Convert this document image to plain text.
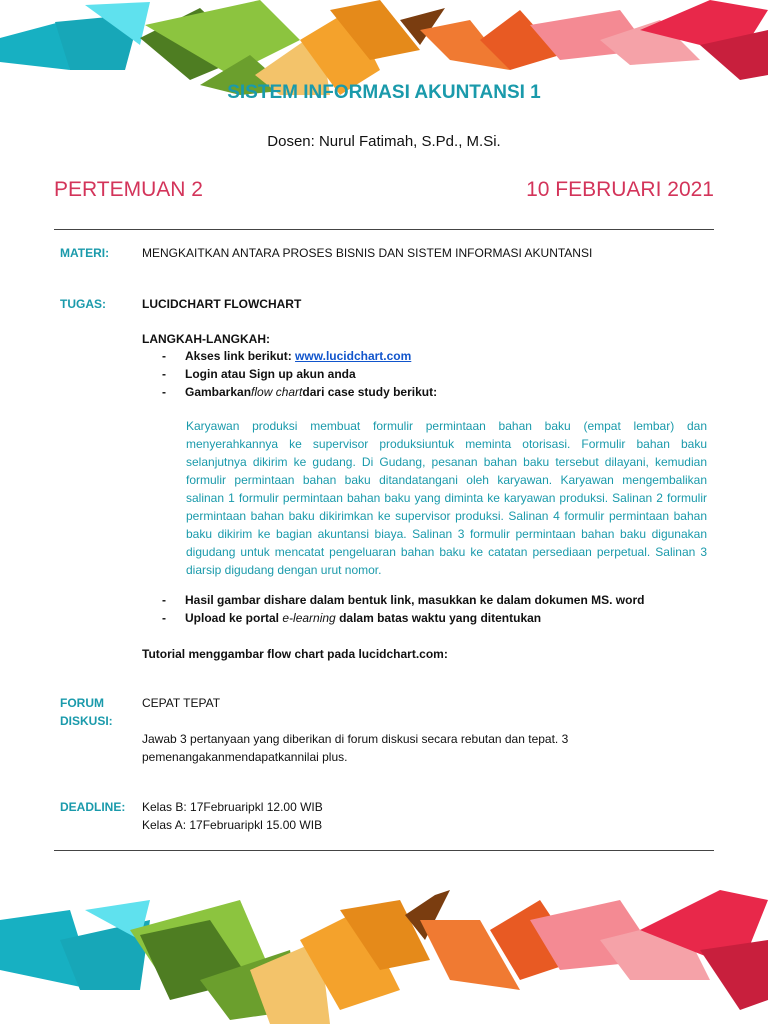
SISTEM INFORMASI AKUNTANSI 1
Dosen: Nurul Fatimah, S.Pd., M.Si.
PERTEMUAN 2	10 FEBRUARI 2021
MATERI:	MENGKAITKAN ANTARA PROSES BISNIS DAN SISTEM INFORMASI AKUNTANSI
TUGAS:	LUCIDCHART FLOWCHART
LANGKAH-LANGKAH:
- Akses link berikut: www.lucidchart.com
- Login atau Sign up akun anda
- Gambarkanflow chartdari case study berikut:
Karyawan produksi membuat formulir permintaan bahan baku (empat lembar) dan menyerahkannya ke supervisor produksiuntuk meminta otorisasi. Formulir bahan baku selanjutnya dikirim ke gudang. Di Gudang, pesanan bahan baku tersebut dilayani, kemudian formulir permintaan bahan baku ditandatangani oleh karyawan. Karyawan mengembalikan salinan 1 formulir permintaan bahan baku yang diminta ke karyawan produksi. Salinan 2 formulir permintaan bahan baku dikirimkan ke supervisor produksi. Salinan 4 formulir permintaan bahan baku dikirim ke bagian akuntansi biaya. Salinan 3 formulir permintaan bahan baku digunakan digudang untuk mencatat pengeluaran bahan baku ke catatan persediaan perpetual. Salinan 3 diarsip digudang dengan urut nomor.
- Hasil gambar dishare dalam bentuk link, masukkan ke dalam dokumen MS. word
- Upload ke portal e-learning dalam batas waktu yang ditentukan
Tutorial menggambar flow chart pada lucidchart.com:
FORUM
DISKUSI:
CEPAT TEPAT
Jawab 3 pertanyaan yang diberikan di forum diskusi secara rebutan dan tepat. 3
pemenangakanmendapatkannilai plus.
DEADLINE: Kelas B: 17Februaripkl 12.00 WIB
Kelas A: 17Februaripkl 15.00 WIB
